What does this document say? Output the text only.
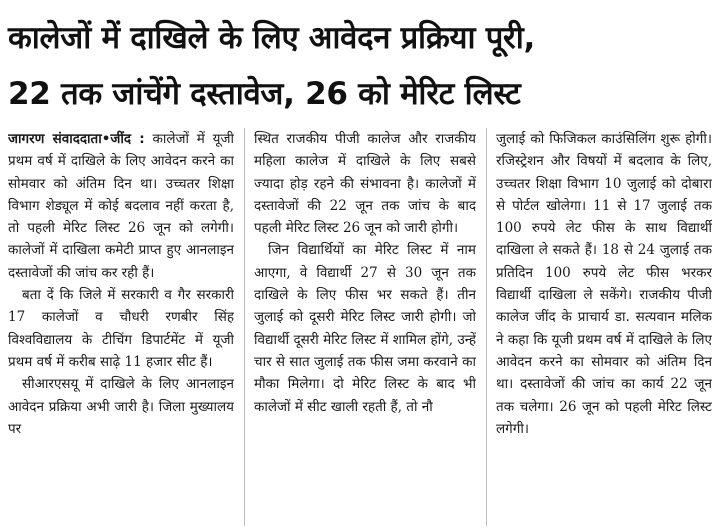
कालेजों में दाखिले के लिए आवेदन प्रक्रिया पूरी,
22 तक जांचेंगे दस्तावेज, 26 को मेरिट लिस्ट

जागरण संवाददाता•जींद : कालेजों में यूजी प्रथम वर्ष में दाखिले के लिए आवेदन करने का सोमवार को अंतिम दिन था। उच्चतर शिक्षा विभाग शेड्यूल में कोई बदलाव नहीं करता है, तो पहली मेरिट लिस्ट 26 जून को लगेगी। कालेजों में दाखिला कमेटी प्राप्त हुए आनलाइन दस्तावेजों की जांच कर रही हैं।

बता दें कि जिले में सरकारी व गैर सरकारी 17 कालेजों व चौधरी रणबीर सिंह विश्वविद्यालय के टीचिंग डिपार्टमेंट में यूजी प्रथम वर्ष में करीब साढ़े 11 हजार सीट हैं।

सीआरएसयू में दाखिले के लिए आनलाइन आवेदन प्रक्रिया अभी जारी है। जिला मुख्यालय पर

स्थित राजकीय पीजी कालेज और राजकीय महिला कालेज में दाखिले के लिए सबसे ज्यादा होड़ रहने की संभावना है। कालेजों में दस्तावेजों की 22 जून तक जांच के बाद पहली मेरिट लिस्ट 26 जून को जारी होगी।

जिन विद्यार्थियों का मेरिट लिस्ट में नाम आएगा, वे विद्यार्थी 27 से 30 जून तक दाखिले के लिए फीस भर सकते हैं। तीन जुलाई को दूसरी मेरिट लिस्ट जारी होगी। जो विद्यार्थी दूसरी मेरिट लिस्ट में शामिल होंगे, उन्हें चार से सात जुलाई तक फीस जमा करवाने का मौका मिलेगा। दो मेरिट लिस्ट के बाद भी कालेजों में सीट खाली रहती हैं, तो नौ

जुलाई को फिजिकल काउंसिलिंग शुरू होगी। रजिस्ट्रेशन और विषयों में बदलाव के लिए, उच्चतर शिक्षा विभाग 10 जुलाई को दोबारा से पोर्टल खोलेगा। 11 से 17 जुलाई तक 100 रुपये लेट फीस के साथ विद्यार्थी दाखिला ले सकते हैं। 18 से 24 जुलाई तक प्रतिदिन 100 रुपये लेट फीस भरकर विद्यार्थी दाखिला ले सकेंगे। राजकीय पीजी कालेज जींद के प्राचार्य डा. सत्यवान मलिक ने कहा कि यूजी प्रथम वर्ष में दाखिले के लिए आवेदन करने का सोमवार को अंतिम दिन था। दस्तावेजों की जांच का कार्य 22 जून तक चलेगा। 26 जून को पहली मेरिट लिस्ट लगेगी।
